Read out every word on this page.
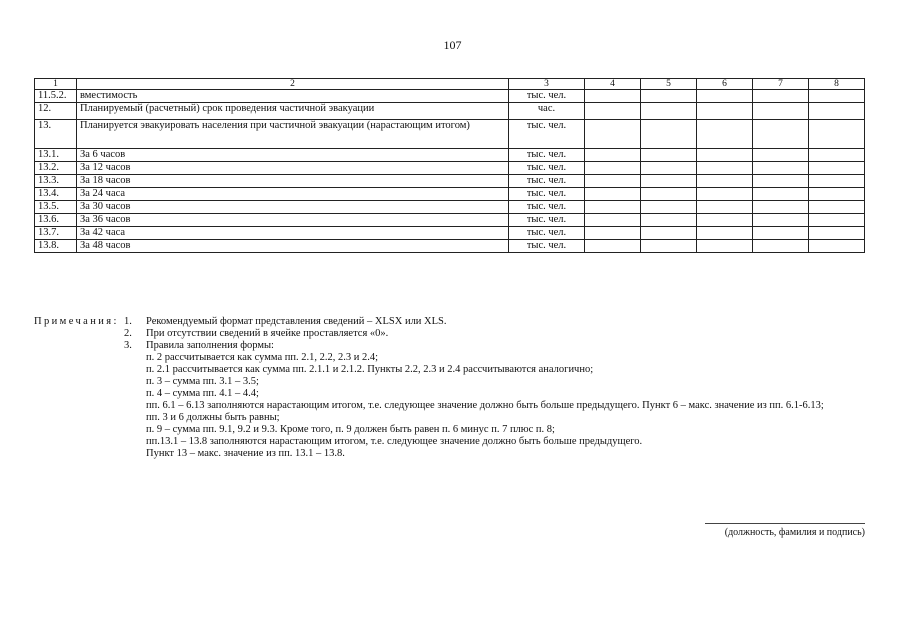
107
1	2	3	4	5	6	7	8
11.5.2.	вместимость	тыс. чел.					
12.	Планируемый (расчетный) срок проведения частичной эвакуации	час.					
13.	Планируется эвакуировать населения при частичной эвакуации (нарастающим итогом)	тыс. чел.					
13.1.	За 6 часов	тыс. чел.					
13.2.	За 12 часов	тыс. чел.					
13.3.	За 18 часов	тыс. чел.					
13.4.	За 24 часа	тыс. чел.					
13.5.	За 30 часов	тыс. чел.					
13.6.	За 36 часов	тыс. чел.					
13.7.	За 42 часа	тыс. чел.					
13.8.	За 48 часов	тыс. чел.					
Примечания: 1. Рекомендуемый формат представления сведений – XLSX или XLS.
2. При отсутствии сведений в ячейке проставляется «0».
3. Правила заполнения формы:
п. 2 рассчитывается как сумма пп. 2.1, 2.2, 2.3 и 2.4;
п. 2.1 рассчитывается как сумма пп. 2.1.1 и 2.1.2. Пункты 2.2, 2.3 и 2.4 рассчитываются аналогично;
п. 3 – сумма пп. 3.1 – 3.5;
п. 4 – сумма пп. 4.1 – 4.4;
пп. 6.1 – 6.13 заполняются нарастающим итогом, т.е. следующее значение должно быть больше предыдущего. Пункт 6 – макс. значение из пп. 6.1-6.13;
пп. 3 и 6 должны быть равны;
п. 9 – сумма пп. 9.1, 9.2 и 9.3. Кроме того, п. 9 должен быть равен п. 6 минус п. 7 плюс п. 8;
пп.13.1 – 13.8 заполняются нарастающим итогом, т.е. следующее значение должно быть больше предыдущего.
Пункт 13 – макс. значение из пп. 13.1 – 13.8.
(должность, фамилия и подпись)
